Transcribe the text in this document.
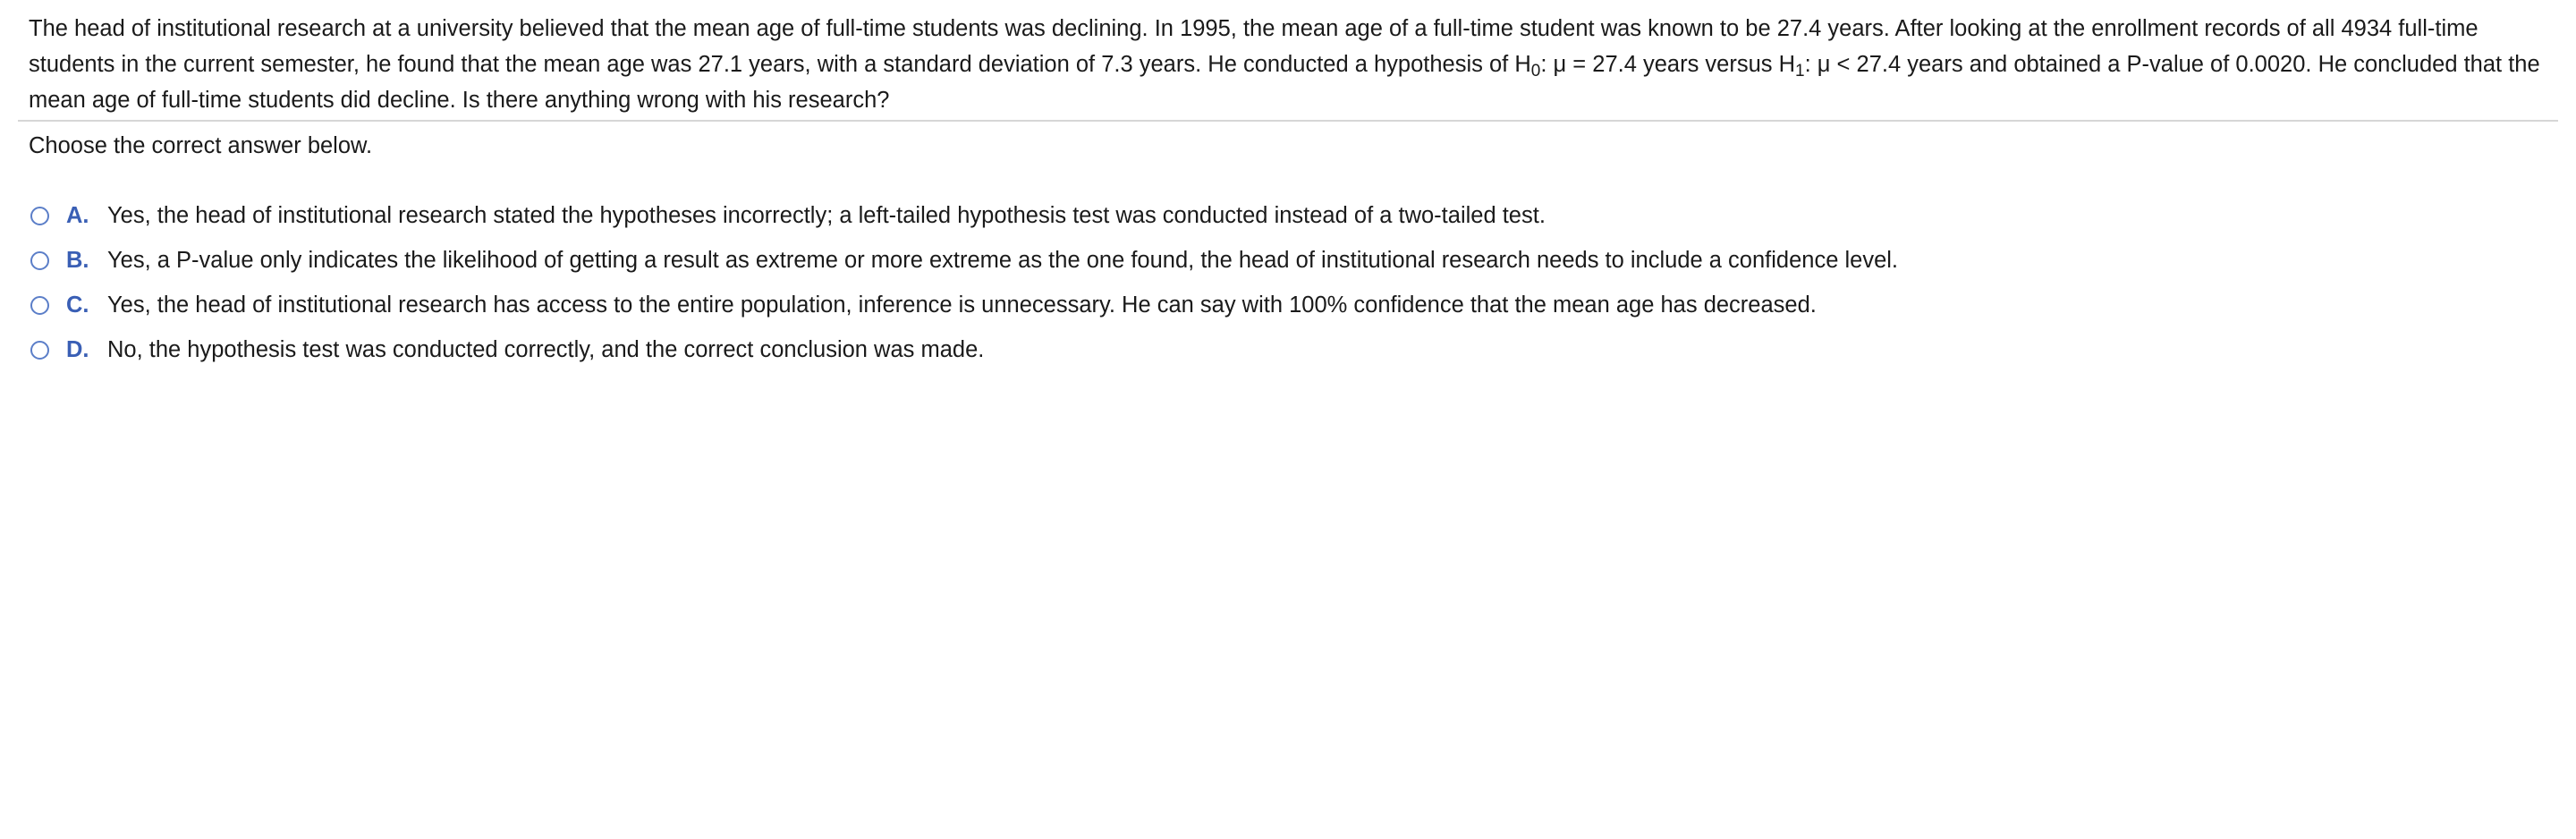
The head of institutional research at a university believed that the mean age of full-time students was declining. In 1995, the mean age of a full-time student was known to be 27.4 years. After looking at the enrollment records of all 4934 full-time students in the current semester, he found that the mean age was 27.1 years, with a standard deviation of 7.3 years. He conducted a hypothesis of $H_0$: μ = 27.4 years versus $H_1$: μ < 27.4 years and obtained a P-value of 0.0020. He concluded that the mean age of full-time students did decline. Is there anything wrong with his research?
Choose the correct answer below.
A. Yes, the head of institutional research stated the hypotheses incorrectly; a left-tailed hypothesis test was conducted instead of a two-tailed test.
B. Yes, a P-value only indicates the likelihood of getting a result as extreme or more extreme as the one found, the head of institutional research needs to include a confidence level.
C. Yes, the head of institutional research has access to the entire population, inference is unnecessary. He can say with 100% confidence that the mean age has decreased.
D. No, the hypothesis test was conducted correctly, and the correct conclusion was made.
